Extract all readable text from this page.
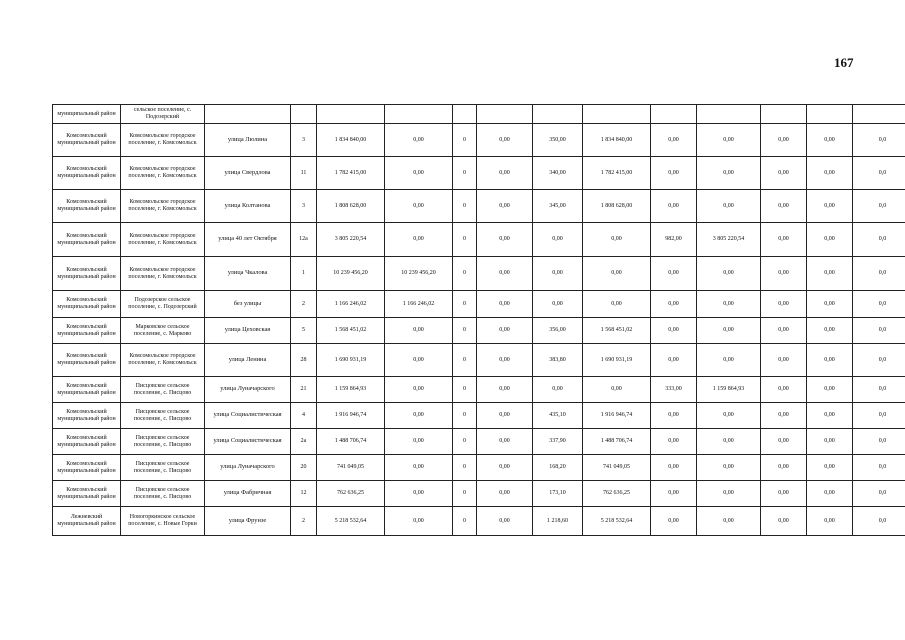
167
муниципальный район	сельское поселение, с. Подозерский													
Комсомольский муниципальный район	Комсомольское городское поселение, г. Комсомольск	улица Люлина	3	1 834 840,00	0,00	0	0,00	350,00	1 834 840,00	0,00	0,00	0,00	0,00	0,0
Комсомольский муниципальный район	Комсомольское городское поселение, г. Комсомольск	улица Свердлова	11	1 782 415,00	0,00	0	0,00	340,00	1 782 415,00	0,00	0,00	0,00	0,00	0,0
Комсомольский муниципальный район	Комсомольское городское поселение, г. Комсомольск	улица Колтанова	3	1 808 628,00	0,00	0	0,00	345,00	1 808 628,00	0,00	0,00	0,00	0,00	0,0
Комсомольский муниципальный район	Комсомольское городское поселение, г. Комсомольск	улица 40 лет Октября	12а	3 805 220,54	0,00	0	0,00	0,00	0,00	982,00	3 805 220,54	0,00	0,00	0,0
Комсомольский муниципальный район	Комсомольское городское поселение, г. Комсомольск	улица Чкалова	1	10 239 456,20	10 239 456,20	0	0,00	0,00	0,00	0,00	0,00	0,00	0,00	0,0
Комсомольский муниципальный район	Подозерское сельское поселение, с. Подозерский	без улицы	2	1 166 246,02	1 166 246,02	0	0,00	0,00	0,00	0,00	0,00	0,00	0,00	0,0
Комсомольский муниципальный район	Марковское сельское поселение, с. Марково	улица Цеховская	5	1 568 451,02	0,00	0	0,00	356,00	1 568 451,02	0,00	0,00	0,00	0,00	0,0
Комсомольский муниципальный район	Комсомольское городское поселение, г. Комсомольск	улица Ленина	28	1 690 931,19	0,00	0	0,00	383,80	1 690 931,19	0,00	0,00	0,00	0,00	0,0
Комсомольский муниципальный район	Писцовское сельское поселение, с. Писцово	улица Луначарского	21	1 159 864,93	0,00	0	0,00	0,00	0,00	333,00	1 159 864,93	0,00	0,00	0,0
Комсомольский муниципальный район	Писцовское сельское поселение, с. Писцово	улица Социалистическая	4	1 916 946,74	0,00	0	0,00	435,10	1 916 946,74	0,00	0,00	0,00	0,00	0,0
Комсомольский муниципальный район	Писцовское сельское поселение, с. Писцово	улица Социалистическая	2а	1 488 706,74	0,00	0	0,00	337,90	1 488 706,74	0,00	0,00	0,00	0,00	0,0
Комсомольский муниципальный район	Писцовское сельское поселение, с. Писцово	улица Луначарского	20	741 049,05	0,00	0	0,00	168,20	741 049,05	0,00	0,00	0,00	0,00	0,0
Комсомольский муниципальный район	Писцовское сельское поселение, с. Писцово	улица Фабричная	12	762 636,25	0,00	0	0,00	173,10	762 636,25	0,00	0,00	0,00	0,00	0,0
Лежневский муниципальный район	Новогоркинское сельское поселение, с. Новые Горки	улица Фрунзе	2	5 218 532,64	0,00	0	0,00	1 218,60	5 218 532,64	0,00	0,00	0,00	0,00	0,0
